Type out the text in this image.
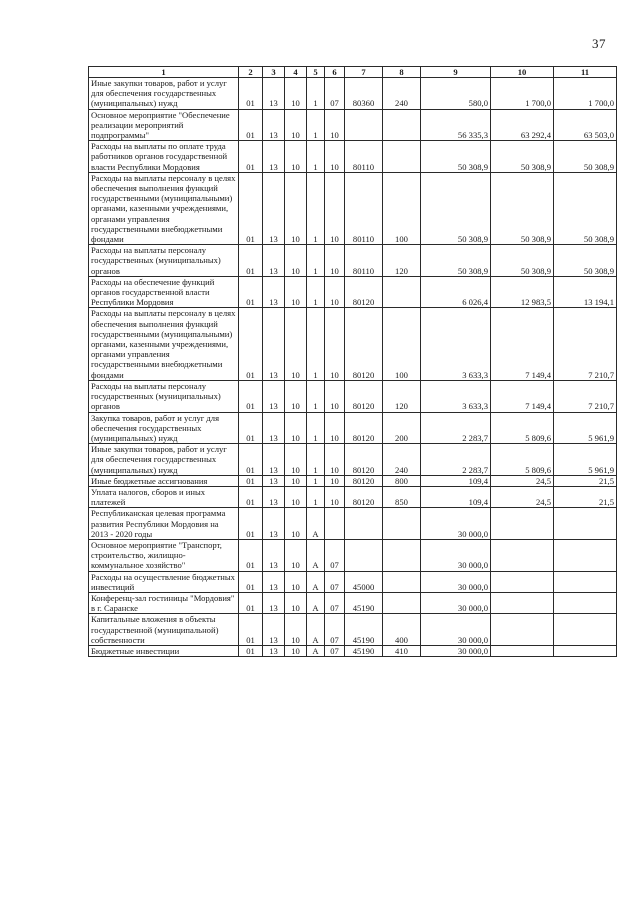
37
1	2	3	4	5	6	7	8	9	10	11
Иные закупки товаров, работ и услуг для обеспечения государственных (муниципальных) нужд	01	13	10	1	07	80360	240	580,0	1 700,0	1 700,0
Основное мероприятие "Обеспечение реализации мероприятий подпрограммы"	01	13	10	1	10			56 335,3	63 292,4	63 503,0
Расходы на выплаты по оплате труда работников органов государственной власти Республики Мордовия	01	13	10	1	10	80110		50 308,9	50 308,9	50 308,9
Расходы на выплаты персоналу в целях обеспечения выполнения функций государственными (муниципальными) органами, казенными учреждениями, органами управления государственными внебюджетными фондами	01	13	10	1	10	80110	100	50 308,9	50 308,9	50 308,9
Расходы на выплаты персоналу государственных (муниципальных) органов	01	13	10	1	10	80110	120	50 308,9	50 308,9	50 308,9
Расходы на обеспечение функций органов государственной власти Республики Мордовия	01	13	10	1	10	80120		6 026,4	12 983,5	13 194,1
Расходы на выплаты персоналу в целях обеспечения выполнения функций государственными (муниципальными) органами, казенными учреждениями, органами управления государственными внебюджетными фондами	01	13	10	1	10	80120	100	3 633,3	7 149,4	7 210,7
Расходы на выплаты персоналу государственных (муниципальных) органов	01	13	10	1	10	80120	120	3 633,3	7 149,4	7 210,7
Закупка товаров, работ и услуг для обеспечения государственных (муниципальных) нужд	01	13	10	1	10	80120	200	2 283,7	5 809,6	5 961,9
Иные закупки товаров, работ и услуг для обеспечения государственных (муниципальных) нужд	01	13	10	1	10	80120	240	2 283,7	5 809,6	5 961,9
Иные бюджетные ассигнования	01	13	10	1	10	80120	800	109,4	24,5	21,5
Уплата налогов, сборов и иных платежей	01	13	10	1	10	80120	850	109,4	24,5	21,5
Республиканская целевая программа развития Республики Мордовия на 2013 - 2020 годы	01	13	10	А				30 000,0		
Основное мероприятие "Транспорт, строительство, жилищно-коммунальное хозяйство"	01	13	10	А	07			30 000,0		
Расходы на осуществление бюджетных инвестиций	01	13	10	А	07	45000		30 000,0		
Конференц-зал гостиницы "Мордовия" в г. Саранске	01	13	10	А	07	45190		30 000,0		
Капитальные вложения в объекты государственной (муниципальной) собственности	01	13	10	А	07	45190	400	30 000,0		
Бюджетные инвестиции	01	13	10	А	07	45190	410	30 000,0		
